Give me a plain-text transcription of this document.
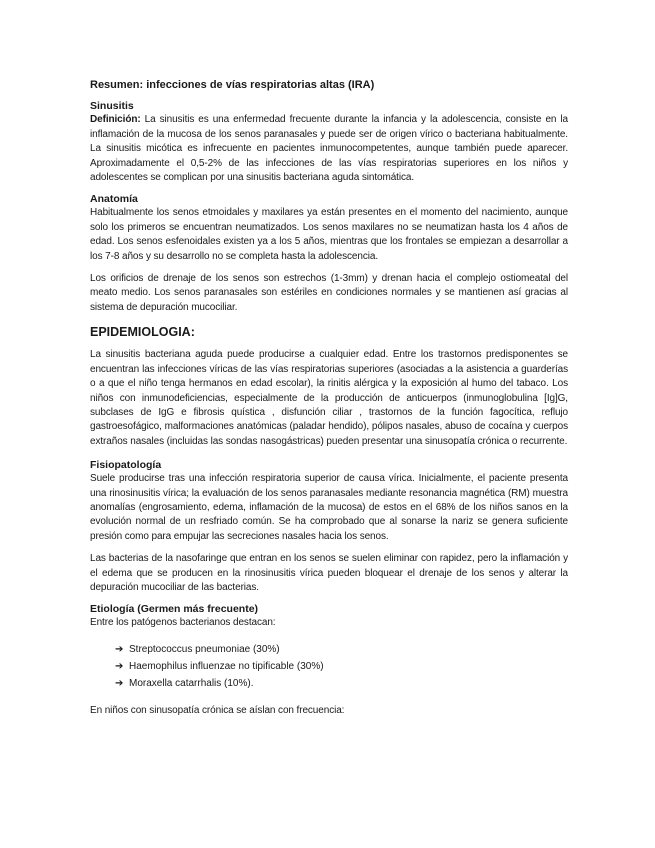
Resumen: infecciones de vías respiratorias altas (IRA)
Sinusitis

Definición: La sinusitis es una enfermedad frecuente durante la infancia y la adolescencia, consiste en la inflamación de la mucosa de los senos paranasales y puede ser de origen vírico o bacteriana habitualmente. La sinusitis micótica es infrecuente en pacientes inmunocompetentes, aunque también puede aparecer. Aproximadamente el 0,5-2% de las infecciones de las vías respiratorias superiores en los niños y adolescentes se complican por una sinusitis bacteriana aguda sintomática.

Anatomía

Habitualmente los senos etmoidales y maxilares ya están presentes en el momento del nacimiento, aunque solo los primeros se encuentran neumatizados. Los senos maxilares no se neumatizan hasta los 4 años de edad. Los senos esfenoidales existen ya a los 5 años, mientras que los frontales se empiezan a desarrollar a los 7-8 años y su desarrollo no se completa hasta la adolescencia.

Los orificios de drenaje de los senos son estrechos (1-3mm) y drenan hacia el complejo ostiomeatal del meato medio. Los senos paranasales son estériles en condiciones normales y se mantienen así gracias al sistema de depuración mucociliar.

EPIDEMIOLOGIA:

La sinusitis bacteriana aguda puede producirse a cualquier edad. Entre los trastornos predisponentes se encuentran las infecciones víricas de las vías respiratorias superiores (asociadas a la asistencia a guarderías o a que el niño tenga hermanos en edad escolar), la rinitis alérgica y la exposición al humo del tabaco. Los niños con inmunodeficiencias, especialmente de la producción de anticuerpos (inmunoglobulina [Ig]G, subclases de IgG e fibrosis quística , disfunción ciliar , trastornos de la función fagocítica, reflujo gastroesofágico, malformaciones anatómicas (paladar hendido), pólipos nasales, abuso de cocaína y cuerpos extraños nasales (incluidas las sondas nasogástricas) pueden presentar una sinusopatía crónica o recurrente.

Fisiopatología

Suele producirse tras una infección respiratoria superior de causa vírica. Inicialmente, el paciente presenta una rinosinusitis vírica; la evaluación de los senos paranasales mediante resonancia magnética (RM) muestra anomalías (engrosamiento, edema, inflamación de la mucosa) de estos en el 68% de los niños sanos en la evolución normal de un resfriado común. Se ha comprobado que al sonarse la nariz se genera suficiente presión como para empujar las secreciones nasales hacia los senos.

Las bacterias de la nasofaringe que entran en los senos se suelen eliminar con rapidez, pero la inflamación y el edema que se producen en la rinosinusitis vírica pueden bloquear el drenaje de los senos y alterar la depuración mucociliar de las bacterias.

Etiología (Germen más frecuente)

Entre los patógenos bacterianos destacan:

➔ Streptococcus pneumoniae (30%)
➔ Haemophilus influenzae no tipificable (30%)
➔ Moraxella catarrhalis (10%).

En niños con sinusopatía crónica se aíslan con frecuencia:
